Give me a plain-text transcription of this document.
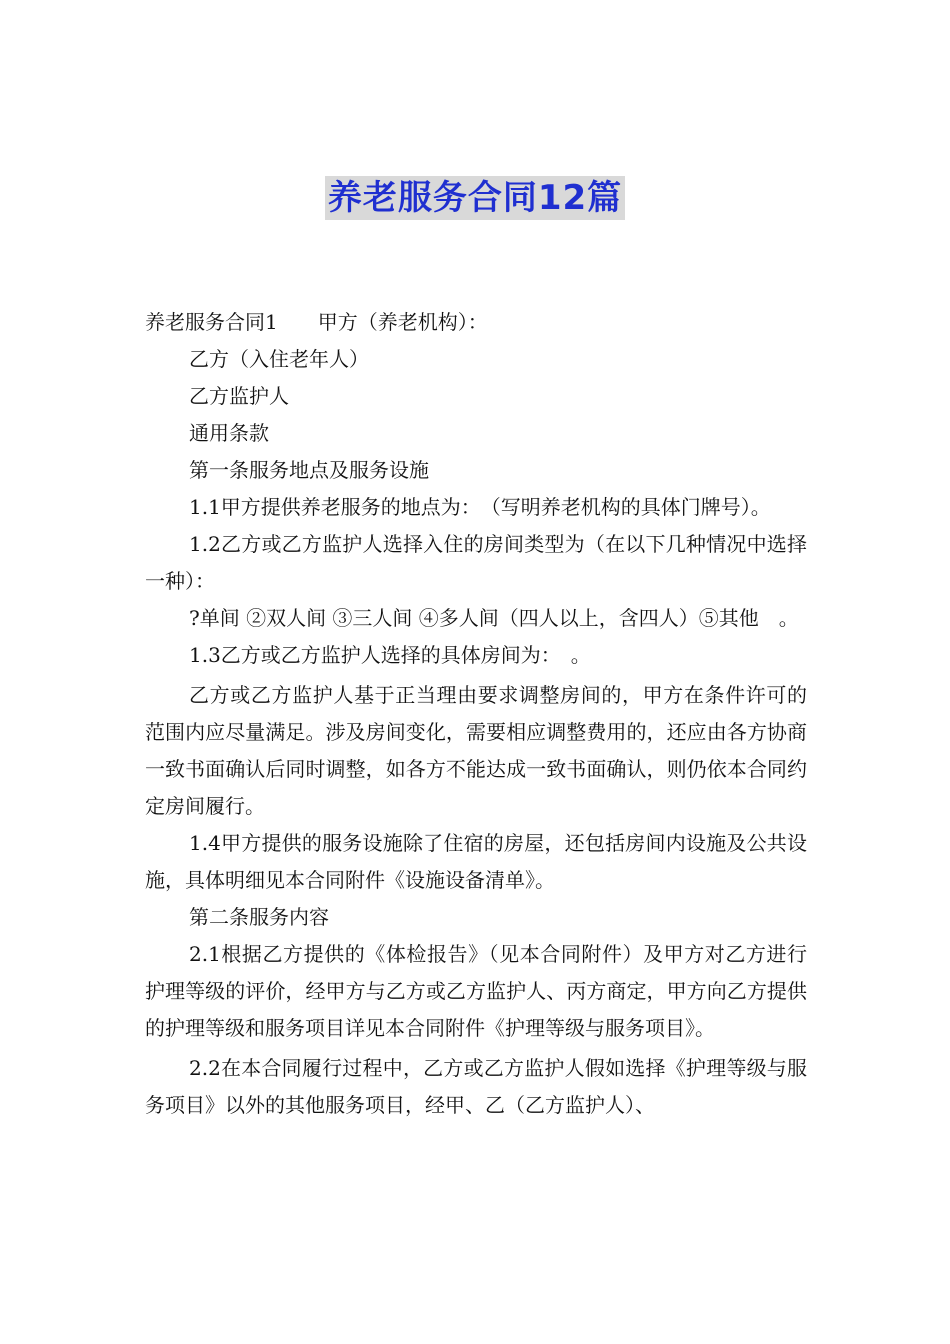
养老服务合同12篇

养老服务合同1 甲方（养老机构）：

乙方（入住老年人）

乙方监护人

通用条款

第一条服务地点及服务设施

1.1甲方提供养老服务的地点为：　（写明养老机构的具体门牌号）。

1.2乙方或乙方监护人选择入住的房间类型为（在以下几种情况中选择一种）：

?单间 ②双人间 ③三人间 ④多人间（四人以上，含四人）⑤其他　。

1.3乙方或乙方监护人选择的具体房间为：　。

乙方或乙方监护人基于正当理由要求调整房间的，甲方在条件许可的范围内应尽量满足。涉及房间变化，需要相应调整费用的，还应由各方协商一致书面确认后同时调整，如各方不能达成一致书面确认，则仍依本合同约定房间履行。

1.4甲方提供的服务设施除了住宿的房屋，还包括房间内设施及公共设施，具体明细见本合同附件《设施设备清单》。

第二条服务内容

2.1根据乙方提供的《体检报告》（见本合同附件）及甲方对乙方进行护理等级的评价，经甲方与乙方或乙方监护人、丙方商定，甲方向乙方提供的护理等级和服务项目详见本合同附件《护理等级与服务项目》。

2.2在本合同履行过程中，乙方或乙方监护人假如选择《护理等级与服务项目》以外的其他服务项目，经甲、乙（乙方监护人）、
